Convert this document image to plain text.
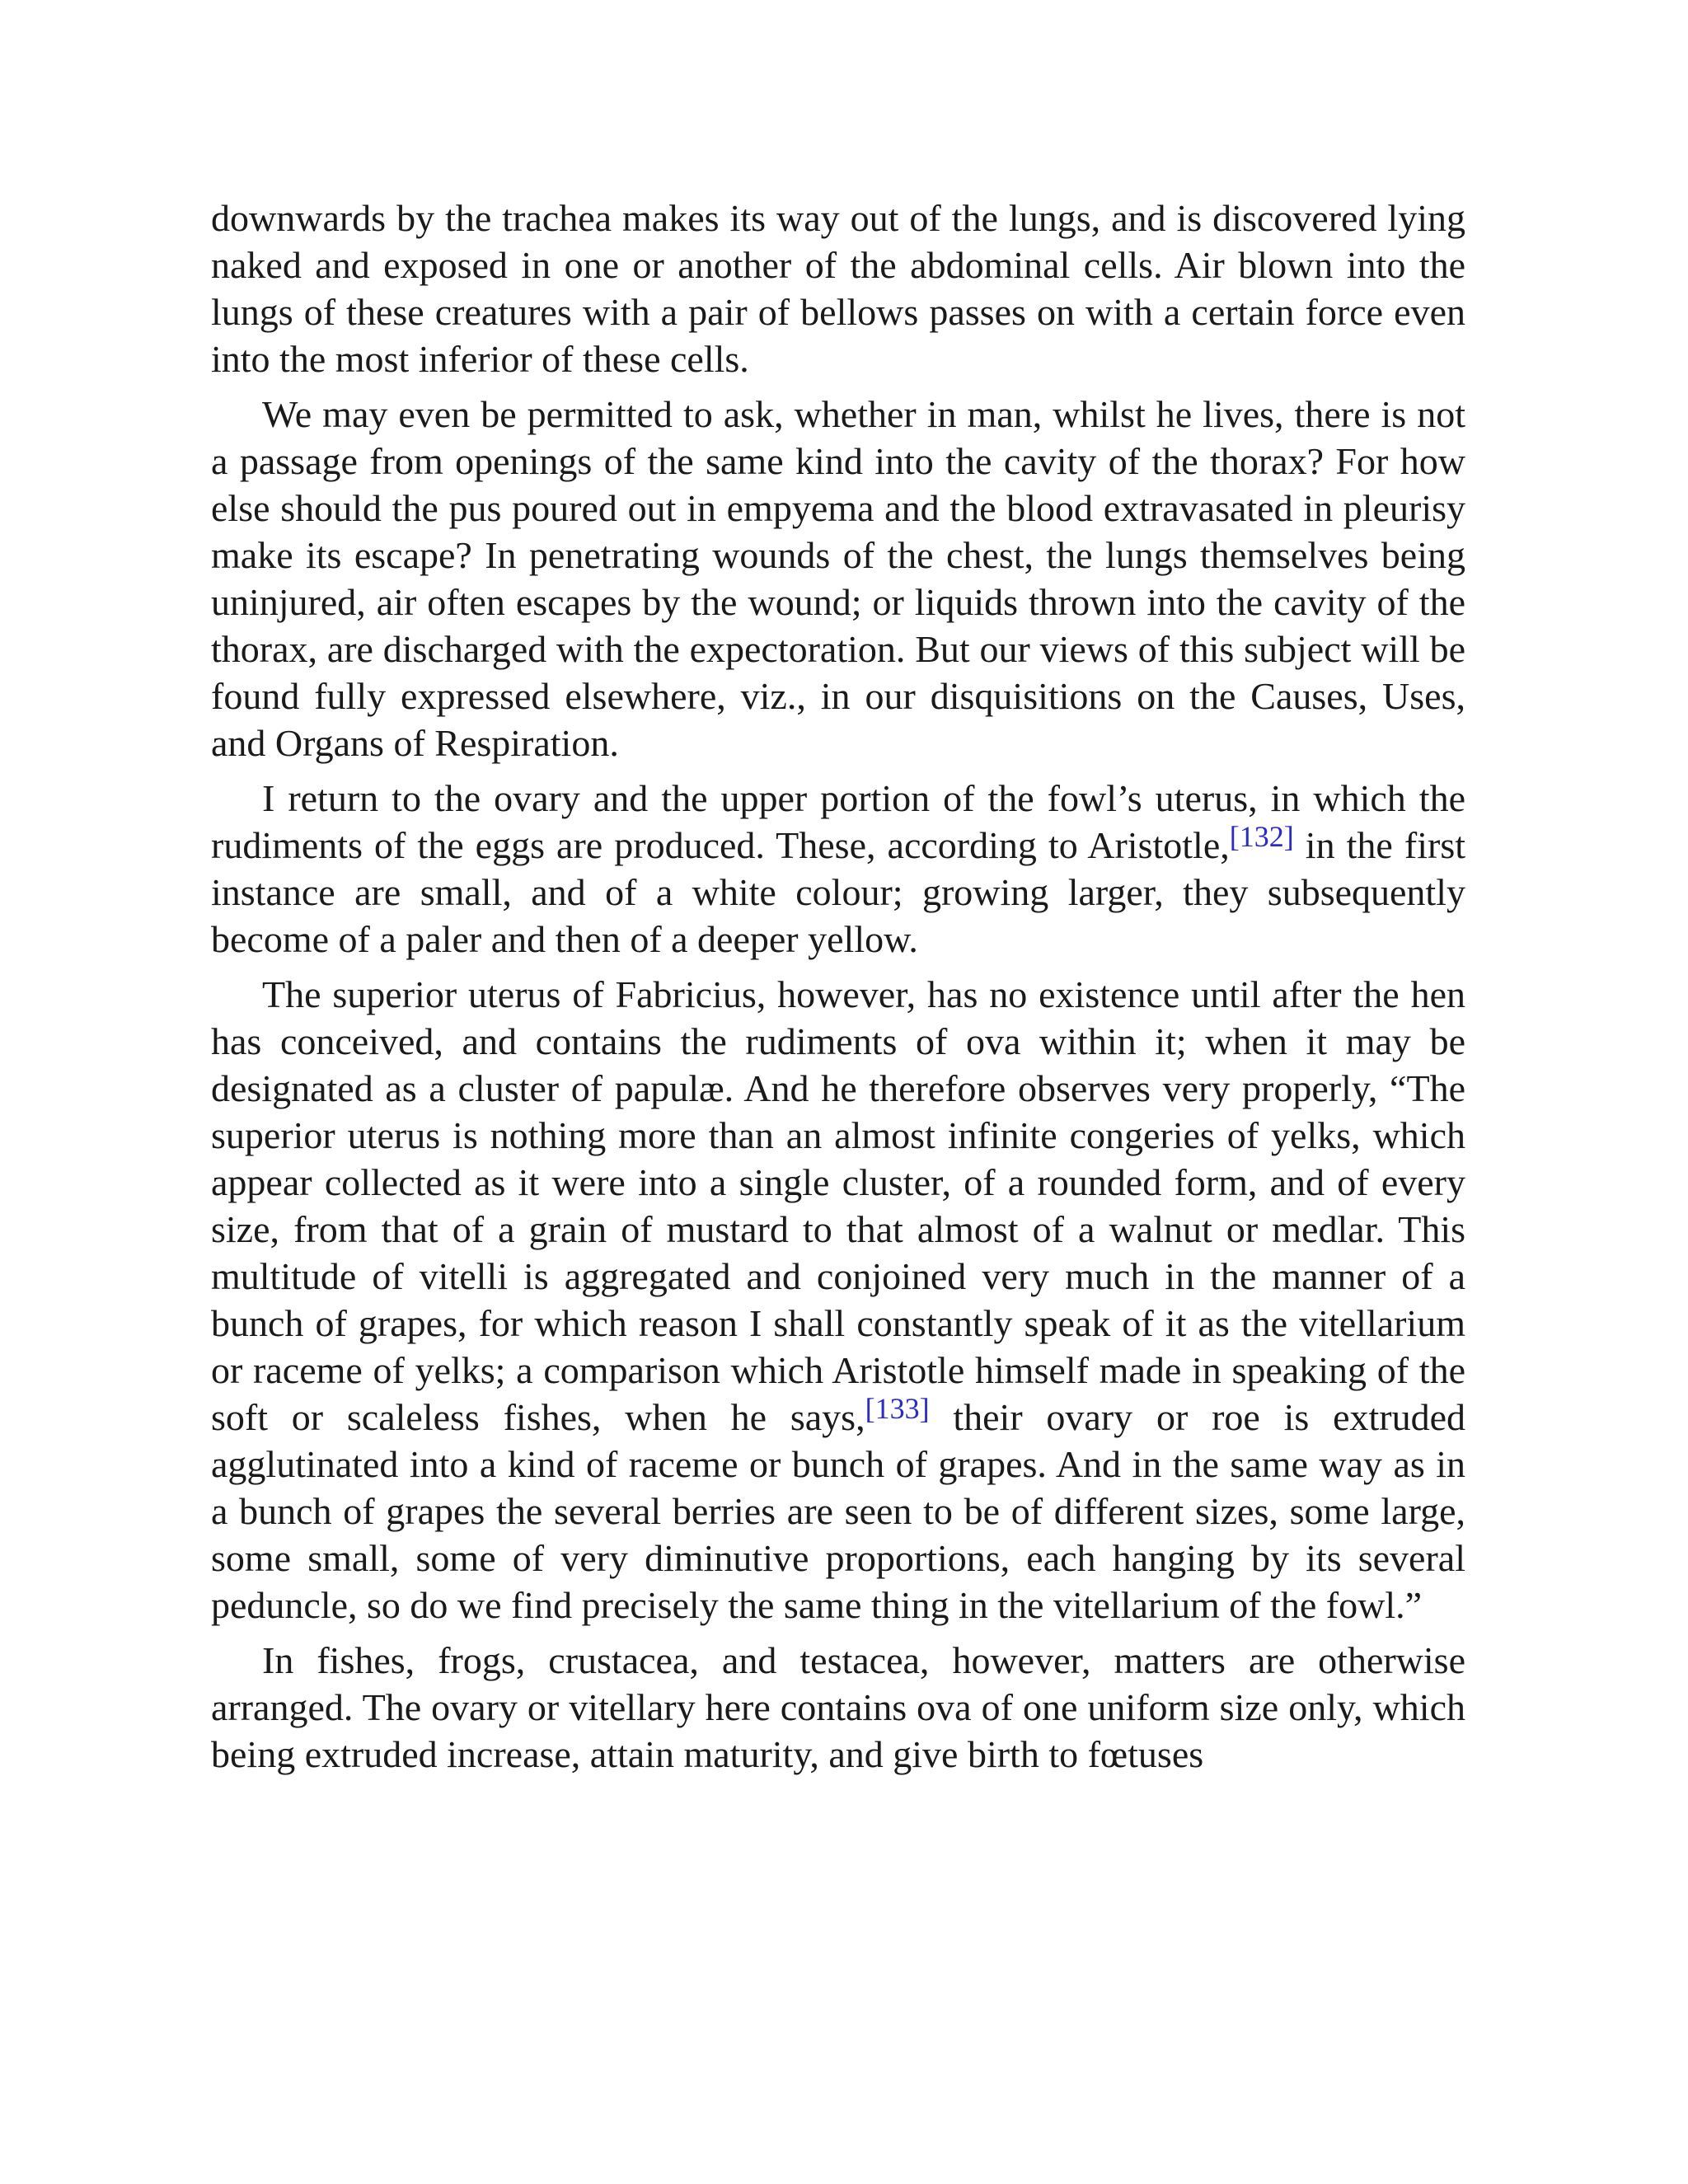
downwards by the trachea makes its way out of the lungs, and is discovered lying naked and exposed in one or another of the abdominal cells. Air blown into the lungs of these creatures with a pair of bellows passes on with a certain force even into the most inferior of these cells.

We may even be permitted to ask, whether in man, whilst he lives, there is not a passage from openings of the same kind into the cavity of the thorax? For how else should the pus poured out in empyema and the blood extravasated in pleurisy make its escape? In penetrating wounds of the chest, the lungs themselves being uninjured, air often escapes by the wound; or liquids thrown into the cavity of the thorax, are discharged with the expectoration. But our views of this subject will be found fully expressed elsewhere, viz., in our disquisitions on the Causes, Uses, and Organs of Respiration.

I return to the ovary and the upper portion of the fowl’s uterus, in which the rudiments of the eggs are produced. These, according to Aristotle,[132] in the first instance are small, and of a white colour; growing larger, they subsequently become of a paler and then of a deeper yellow.

The superior uterus of Fabricius, however, has no existence until after the hen has conceived, and contains the rudiments of ova within it; when it may be designated as a cluster of papulæ. And he therefore observes very properly, “The superior uterus is nothing more than an almost infinite congeries of yelks, which appear collected as it were into a single cluster, of a rounded form, and of every size, from that of a grain of mustard to that almost of a walnut or medlar. This multitude of vitelli is aggregated and conjoined very much in the manner of a bunch of grapes, for which reason I shall constantly speak of it as the vitellarium or raceme of yelks; a comparison which Aristotle himself made in speaking of the soft or scaleless fishes, when he says,[133] their ovary or roe is extruded agglutinated into a kind of raceme or bunch of grapes. And in the same way as in a bunch of grapes the several berries are seen to be of different sizes, some large, some small, some of very diminutive proportions, each hanging by its several peduncle, so do we find precisely the same thing in the vitellarium of the fowl.”

In fishes, frogs, crustacea, and testacea, however, matters are otherwise arranged. The ovary or vitellary here contains ova of one uniform size only, which being extruded increase, attain maturity, and give birth to fœtuses
